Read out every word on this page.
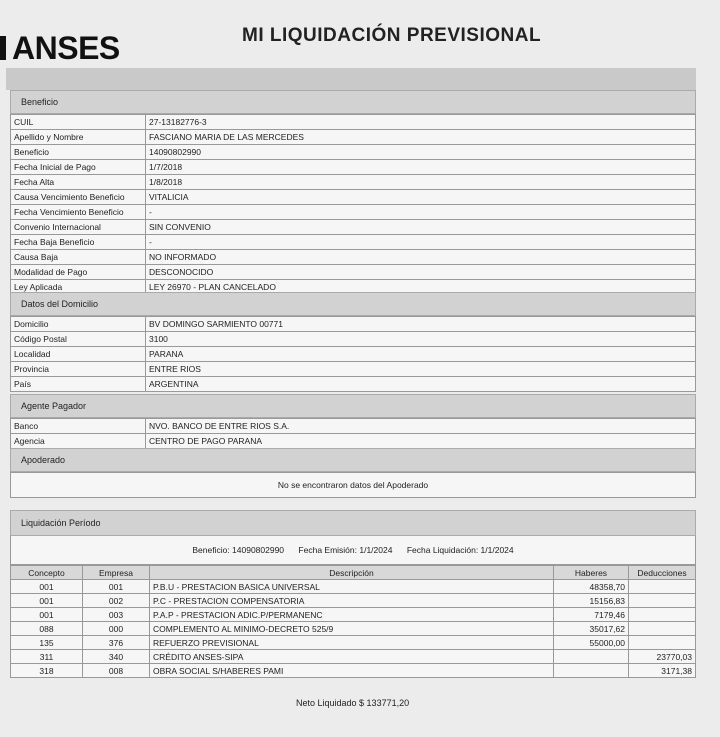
ANSES	MI LIQUIDACIÓN PREVISIONAL
Beneficio
CUIL	27-13182776-3
Apellido y Nombre	FASCIANO MARIA DE LAS MERCEDES
Beneficio	14090802990
Fecha Inicial de Pago	1/7/2018
Fecha Alta	1/8/2018
Causa Vencimiento Beneficio	VITALICIA
Fecha Vencimiento Beneficio	-
Convenio Internacional	SIN CONVENIO
Fecha Baja Beneficio	-
Causa Baja	NO INFORMADO
Modalidad de Pago	DESCONOCIDO
Ley Aplicada	LEY 26970 - PLAN CANCELADO
Datos del Domicilio
Domicilio	BV DOMINGO SARMIENTO 00771
Código Postal	3100
Localidad	PARANA
Provincia	ENTRE RIOS
País	ARGENTINA
Agente Pagador
Banco	NVO. BANCO DE ENTRE RIOS S.A.
Agencia	CENTRO DE PAGO PARANA
Apoderado
No se encontraron datos del Apoderado
Liquidación Período
Beneficio: 14090802990 Fecha Emisión: 1/1/2024 Fecha Liquidación: 1/1/2024
Concepto	Empresa	Descripción	Haberes	Deducciones
001	001	P.B.U - PRESTACION BASICA UNIVERSAL	48358,70	
001	002	P.C - PRESTACION COMPENSATORIA	15156,83	
001	003	P.A.P - PRESTACION ADIC.P/PERMANENC	7179,46	
088	000	COMPLEMENTO AL MINIMO-DECRETO 525/9	35017,62	
135	376	REFUERZO PREVISIONAL	55000,00	
311	340	CRÉDITO ANSES-SIPA		23770,03
318	008	OBRA SOCIAL S/HABERES PAMI		3171,38
Neto Liquidado $ 133771,20
